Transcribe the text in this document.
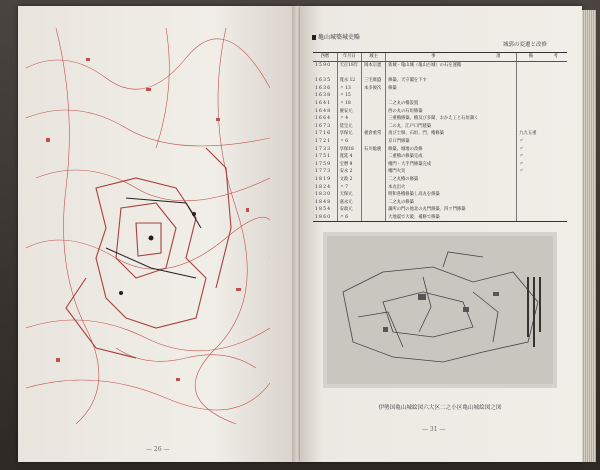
— 26 —
— 31 —
亀山城築城史略
城郭の変遷と改修
西暦	年月日	城主	事	項	備	考
1 5 9 0	天正18年	岡本宗憲	新城・亀山城（亀山古城）の石を運搬			

1 6 3 5	寛永 12	三宅康盛	修築。天守閣を下す			
1 6 3 6	〃 13	本多俊次	修築			
1 6 3 8	〃 15					
1 6 4 1	〃 18		二之丸の櫓設置			
1 6 4 8	慶安元		西の丸の石垣修築			
1 6 6 4	〃 4		三重櫓修築。櫓及び多聞、おかえ工と石垣調く			
1 6 7 3	延宝元		二の丸、江戸口門建築			
1 7 1 6	享保元	板倉重常	再び土塀、石垣、門、櫓修築		九九五重	
1 7 2 1	〃 6		京口門修築		〃	
1 7 3 3	享保18	石川総慶	修築。城地の改修		〃	
1 7 5 1	寛延 4		二重櫓の修築完成		〃	
1 7 5 9	宝暦 9		櫓門・大手門修築完成		〃	
1 7 7 3	安永 2		櫓門火災		〃	
1 8 1 9	文政 2		二之丸櫓の修築			
1 8 2 4	〃 7		本丸出火			
1 8 3 0	天保元		明和各櫓修築し高丸を修築			
1 8 4 8	嘉永元		二之丸の修築			
1 8 5 4	安政元		藩所の門の他北の丸門修築、四ツ門修築			
1 8 6 0	〃 6		大地震で大破、補修で修築			
伊勢国亀山城絵図六大区二之小区亀山城絵図之図
